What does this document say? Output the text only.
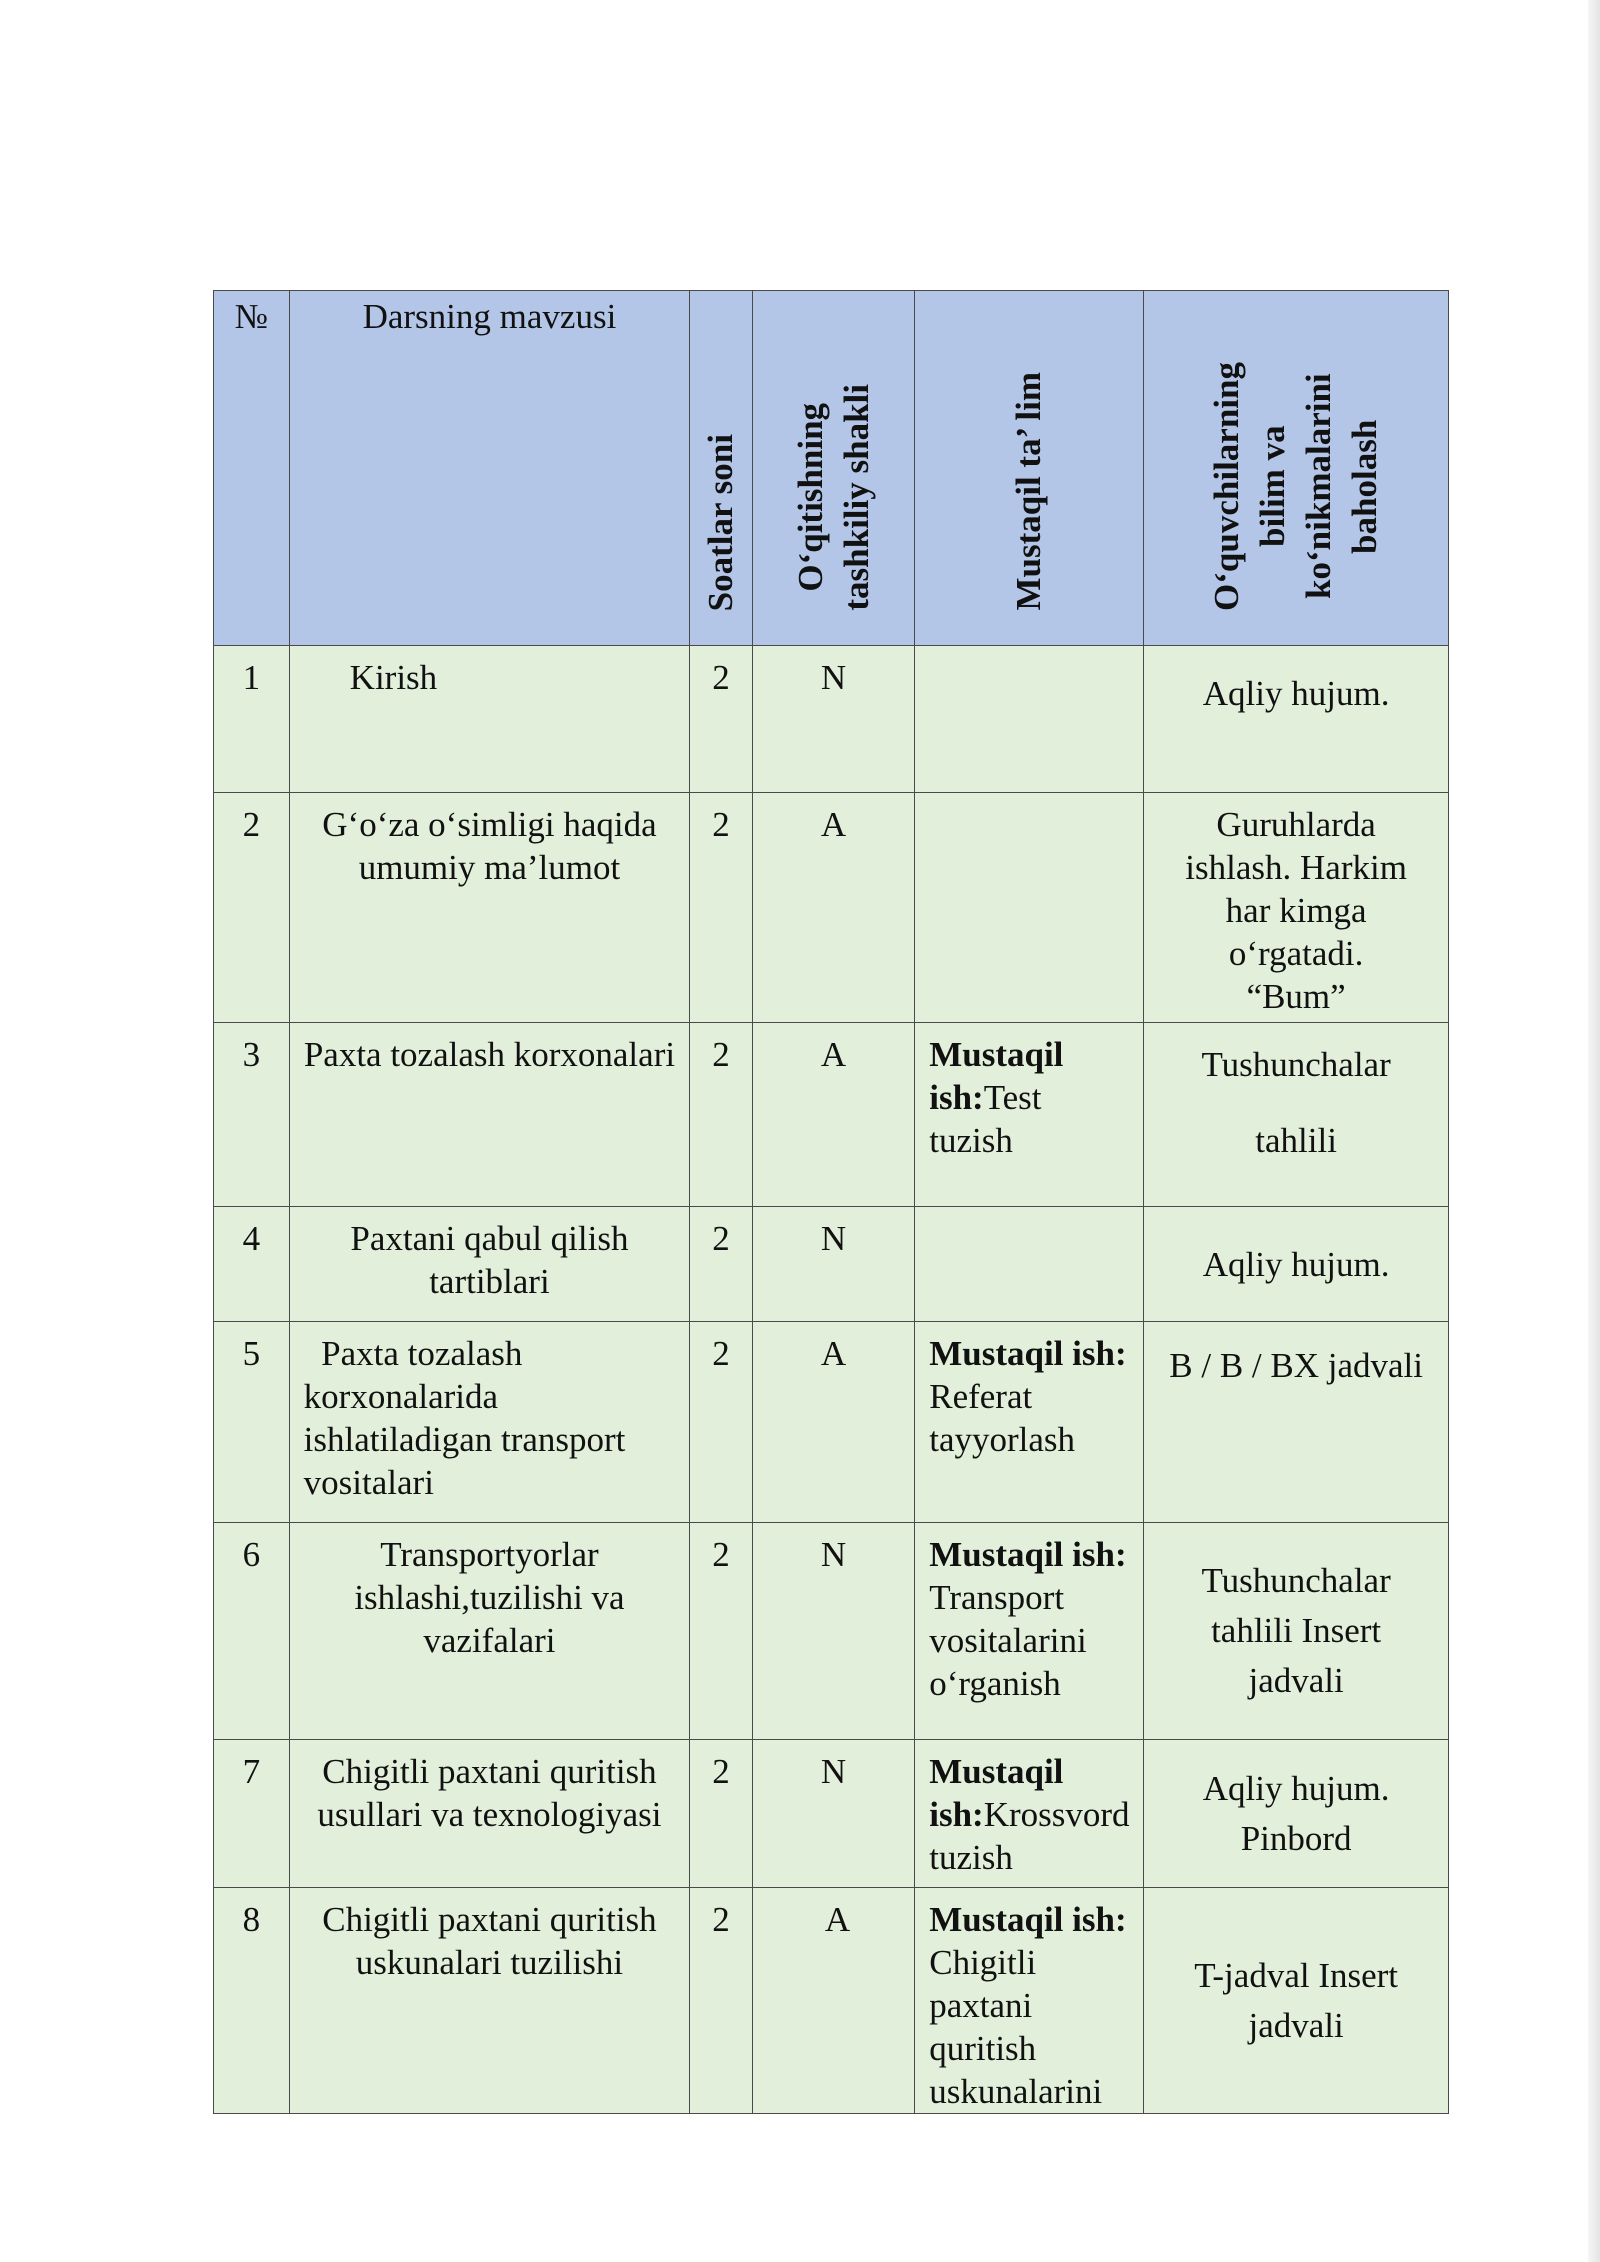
№	Darsning mavzusi	Soatlar soni	O‘qitishning
tashkiliy shakli	Mustaqil ta’ lim	O‘quvchilarning
bilim va
ko‘nikmalarini
baholash

1	Kirish	2	N		Aqliy hujum.
2	G‘o‘za o‘simligi haqida umumiy ma’lumot	2	A		Guruhlarda
ishlash. Harkim
har kimga
o‘rgatadi.
“Bum”
3	Paxta tozalash korxonalari	2	A	Mustaqil ish:Test tuzish	Tushunchalar
tahlili
4	Paxtani qabul qilish tartiblari	2	N		Aqliy hujum.
5	Paxta tozalash korxonalarida ishlatiladigan transport vositalari	2	A	Mustaqil ish: Referat tayyorlash	B / B / BX jadvali
6	Transportyorlar ishlashi,tuzilishi va vazifalari	2	N	Mustaqil ish: Transport vositalarini o‘rganish	Tushunchalar
tahlili Insert
jadvali
7	Chigitli paxtani quritish usullari va texnologiyasi	2	N	Mustaqil ish:Krossvord tuzish	Aqliy hujum.
Pinbord
8	Chigitli paxtani quritish uskunalari tuzilishi	2	A	Mustaqil ish: Chigitli paxtani quritish uskunalarini	T-jadval Insert
jadvali
